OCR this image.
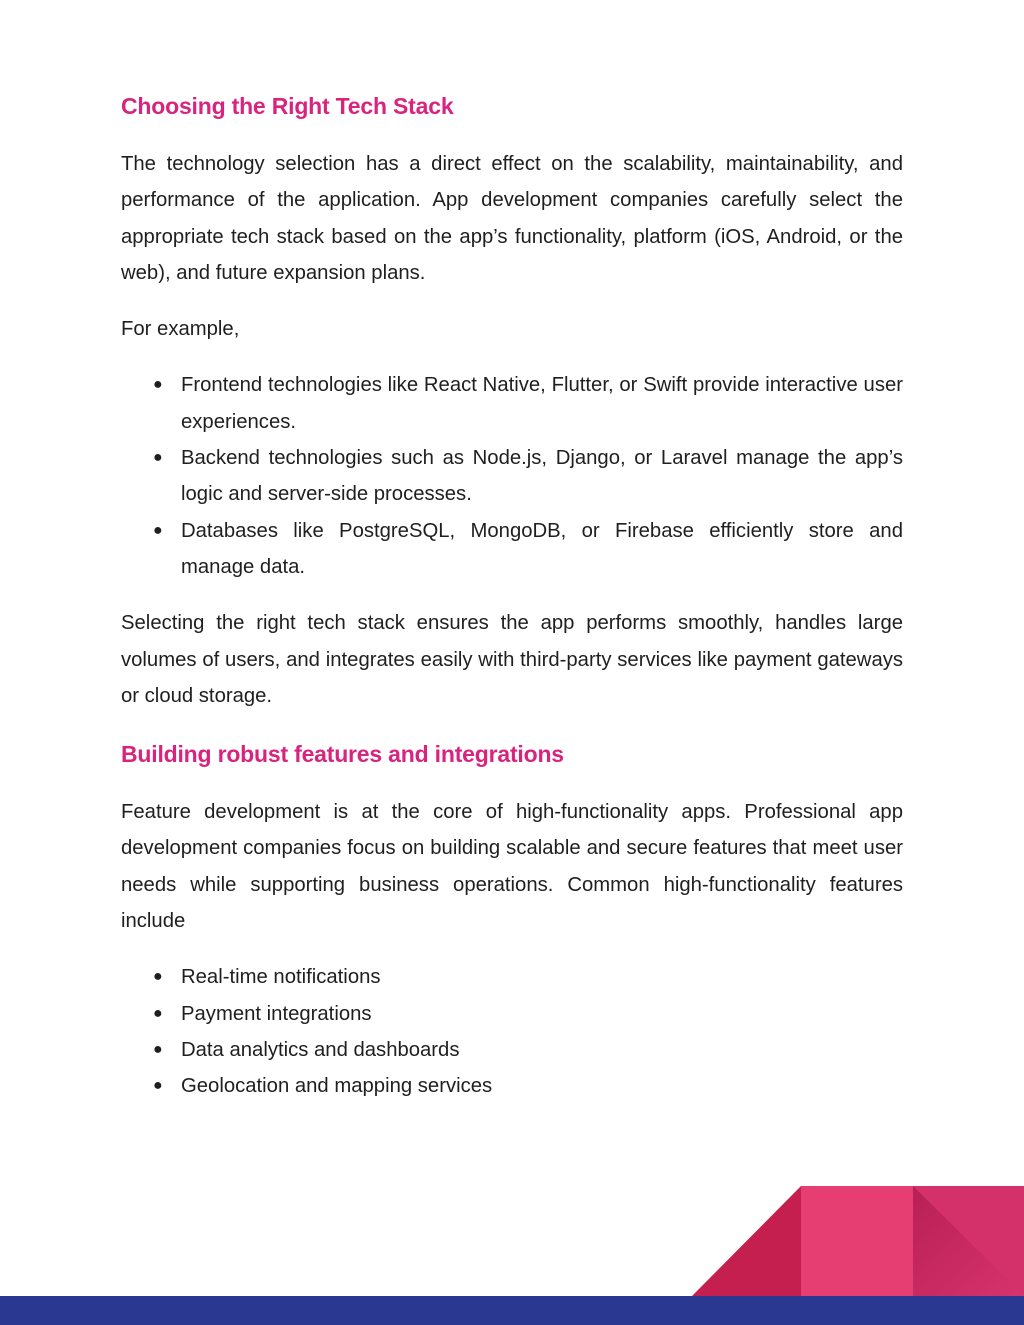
Choosing the Right Tech Stack

The technology selection has a direct effect on the scalability, maintainability, and performance of the application. App development companies carefully select the appropriate tech stack based on the app’s functionality, platform (iOS, Android, or the web), and future expansion plans.

For example,

● Frontend technologies like React Native, Flutter, or Swift provide interactive user experiences.
● Backend technologies such as Node.js, Django, or Laravel manage the app’s logic and server-side processes.
● Databases like PostgreSQL, MongoDB, or Firebase efficiently store and manage data.

Selecting the right tech stack ensures the app performs smoothly, handles large volumes of users, and integrates easily with third-party services like payment gateways or cloud storage.

Building robust features and integrations

Feature development is at the core of high-functionality apps. Professional app development companies focus on building scalable and secure features that meet user needs while supporting business operations. Common high-functionality features include

● Real-time notifications
● Payment integrations
● Data analytics and dashboards
● Geolocation and mapping services
